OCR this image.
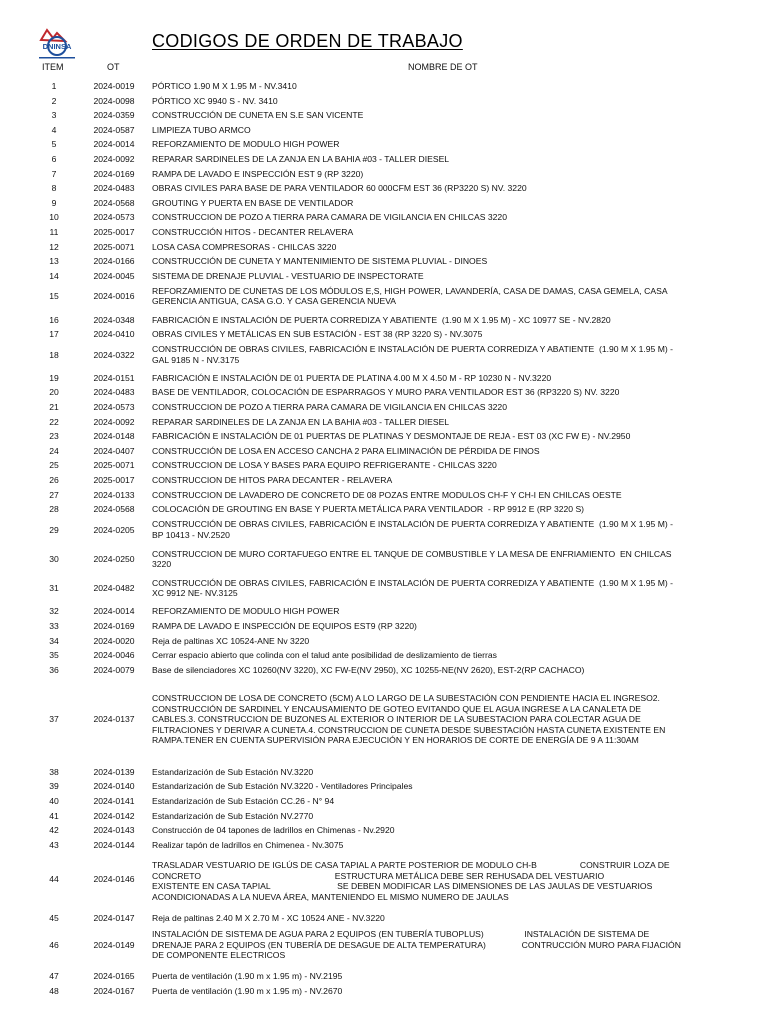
DNINSA	CODIGOS DE ORDEN DE TRABAJO
ITEM	OT	NOMBRE DE OT
1	2024-0019	PÓRTICO 1.90 M X 1.95 M - NV.3410
2	2024-0098	PÓRTICO XC 9940 S - NV. 3410
3	2024-0359	CONSTRUCCIÓN DE CUNETA EN S.E SAN VICENTE
4	2024-0587	LIMPIEZA TUBO ARMCO
5	2024-0014	REFORZAMIENTO DE MODULO HIGH POWER
6	2024-0092	REPARAR SARDINELES DE LA ZANJA EN LA BAHIA #03 - TALLER DIESEL
7	2024-0169	RAMPA DE LAVADO E INSPECCIÓN EST 9 (RP 3220)
8	2024-0483	OBRAS CIVILES PARA BASE DE PARA VENTILADOR 60 000CFM EST 36 (RP3220 S) NV. 3220
9	2024-0568	GROUTING Y PUERTA EN BASE DE VENTILADOR
10	2024-0573	CONSTRUCCION DE POZO A TIERRA PARA CAMARA DE VIGILANCIA EN CHILCAS 3220
11	2025-0017	CONSTRUCCIÓN HITOS - DECANTER RELAVERA
12	2025-0071	LOSA CASA COMPRESORAS - CHILCAS 3220
13	2024-0166	CONSTRUCCIÓN DE CUNETA Y MANTENIMIENTO DE SISTEMA PLUVIAL - DINOES
14	2024-0045	SISTEMA DE DRENAJE PLUVIAL - VESTUARIO DE INSPECTORATE
15	2024-0016
REFORZAMIENTO DE CUNETAS DE LOS MÓDULOS E,S, HIGH POWER, LAVANDERÍA, CASA DE DAMAS, CASA GEMELA, CASA
GERENCIA ANTIGUA, CASA G.O. Y CASA GERENCIA NUEVA
16	2024-0348	FABRICACIÓN E INSTALACIÓN DE PUERTA CORREDIZA Y ABATIENTE  (1.90 M X 1.95 M) - XC 10977 SE - NV.2820
17	2024-0410	OBRAS CIVILES Y METÁLICAS EN SUB ESTACIÓN - EST 38 (RP 3220 S) - NV.3075
18	2024-0322
CONSTRUCCIÓN DE OBRAS CIVILES, FABRICACIÓN E INSTALACIÓN DE PUERTA CORREDIZA Y ABATIENTE  (1.90 M X 1.95 M) -
GAL 9185 N - NV.3175
19	2024-0151	FABRICACIÓN E INSTALACIÓN DE 01 PUERTA DE PLATINA 4.00 M X 4.50 M - RP 10230 N - NV.3220
20	2024-0483	BASE DE VENTILADOR, COLOCACIÓN DE ESPARRAGOS Y MURO PARA VENTILADOR EST 36 (RP3220 S) NV. 3220
21	2024-0573	CONSTRUCCION DE POZO A TIERRA PARA CAMARA DE VIGILANCIA EN CHILCAS 3220
22	2024-0092	REPARAR SARDINELES DE LA ZANJA EN LA BAHIA #03 - TALLER DIESEL
23	2024-0148	FABRICACIÓN E INSTALACIÓN DE 01 PUERTAS DE PLATINAS Y DESMONTAJE DE REJA - EST 03 (XC FW E) - NV.2950
24	2024-0407	CONSTRUCCIÓN DE LOSA EN ACCESO CANCHA 2 PARA ELIMINACIÓN DE PÉRDIDA DE FINOS
25	2025-0071	CONSTRUCCION DE LOSA Y BASES PARA EQUIPO REFRIGERANTE - CHILCAS 3220
26	2025-0017	CONSTRUCCION DE HITOS PARA DECANTER - RELAVERA
27	2024-0133	CONSTRUCCION DE LAVADERO DE CONCRETO DE 08 POZAS ENTRE MODULOS CH-F Y CH-I EN CHILCAS OESTE
28	2024-0568	COLOCACIÓN DE GROUTING EN BASE Y PUERTA METÁLICA PARA VENTILADOR  - RP 9912 E (RP 3220 S)
29	2024-0205
CONSTRUCCIÓN DE OBRAS CIVILES, FABRICACIÓN E INSTALACIÓN DE PUERTA CORREDIZA Y ABATIENTE  (1.90 M X 1.95 M) -
BP 10413 - NV.2520
30	2024-0250
CONSTRUCCION DE MURO CORTAFUEGO ENTRE EL TANQUE DE COMBUSTIBLE Y LA MESA DE ENFRIAMIENTO  EN CHILCAS
3220
31	2024-0482
CONSTRUCCIÓN DE OBRAS CIVILES, FABRICACIÓN E INSTALACIÓN DE PUERTA CORREDIZA Y ABATIENTE  (1.90 M X 1.95 M) -
XC 9912 NE- NV.3125
32	2024-0014	REFORZAMIENTO DE MODULO HIGH POWER
33	2024-0169	RAMPA DE LAVADO E INSPECCIÓN DE EQUIPOS EST9 (RP 3220)
34	2024-0020	Reja de paltinas XC 10524-ANE Nv 3220
35	2024-0046	Cerrar espacio abierto que colinda con el talud ante posibilidad de deslizamiento de tierras
36	2024-0079	Base de silenciadores XC 10260(NV 3220), XC FW-E(NV 2950), XC 10255-NE(NV 2620), EST-2(RP CACHACO)
37	2024-0137
CONSTRUCCION DE LOSA DE CONCRETO (5CM) A LO LARGO DE LA SUBESTACIÓN CON PENDIENTE HACIA EL INGRESO2.
CONSTRUCCIÓN DE SARDINEL Y ENCAUSAMIENTO DE GOTEO EVITANDO QUE EL AGUA INGRESE A LA CANALETA DE
CABLES.3. CONSTRUCCION DE BUZONES AL EXTERIOR O INTERIOR DE LA SUBESTACION PARA COLECTAR AGUA DE
FILTRACIONES Y DERIVAR A CUNETA.4. CONSTRUCCION DE CUNETA DESDE SUBESTACIÓN HASTA CUNETA EXISTENTE EN
RAMPA.TENER EN CUENTA SUPERVISIÓN PARA EJECUCIÓN Y EN HORARIOS DE CORTE DE ENERGÍA DE 9 A 11:30AM
38	2024-0139	Estandarización de Sub Estación NV.3220
39	2024-0140	Estandarización de Sub Estación NV.3220 - Ventiladores Principales
40	2024-0141	Estandarización de Sub Estación CC.26 - N° 94
41	2024-0142	Estandarización de Sub Estación NV.2770
42	2024-0143	Construcción de 04 tapones de ladrillos en Chimenas - Nv.2920
43	2024-0144	Realizar tapón de ladrillos en Chimenea - Nv.3075
44	2024-0146
TRASLADAR VESTUARIO DE IGLÚS DE CASA TAPIAL A PARTE POSTERIOR DE MODULO CH-B                  CONSTRUIR LOZA DE
CONCRETO                                                        ESTRUCTURA METÁLICA DEBE SER REHUSADA DEL VESTUARIO
EXISTENTE EN CASA TAPIAL                            SE DEBEN MODIFICAR LAS DIMENSIONES DE LAS JAULAS DE VESTUARIOS
ACONDICIONADAS A LA NUEVA ÁREA, MANTENIENDO EL MISMO NUMERO DE JAULAS
45	2024-0147	Reja de paltinas 2.40 M X 2.70 M - XC 10524 ANE - NV.3220
46	2024-0149
INSTALACIÓN DE SISTEMA DE AGUA PARA 2 EQUIPOS (EN TUBERÍA TUBOPLUS)                 INSTALACIÓN DE SISTEMA DE
DRENAJE PARA 2 EQUIPOS (EN TUBERÍA DE DESAGUE DE ALTA TEMPERATURA)               CONTRUCCIÓN MURO PARA FIJACIÓN
DE COMPONENTE ELECTRICOS
47	2024-0165	Puerta de ventilación (1.90 m x 1.95 m) - NV.2195
48	2024-0167	Puerta de ventilación (1.90 m x 1.95 m) - NV.2670
